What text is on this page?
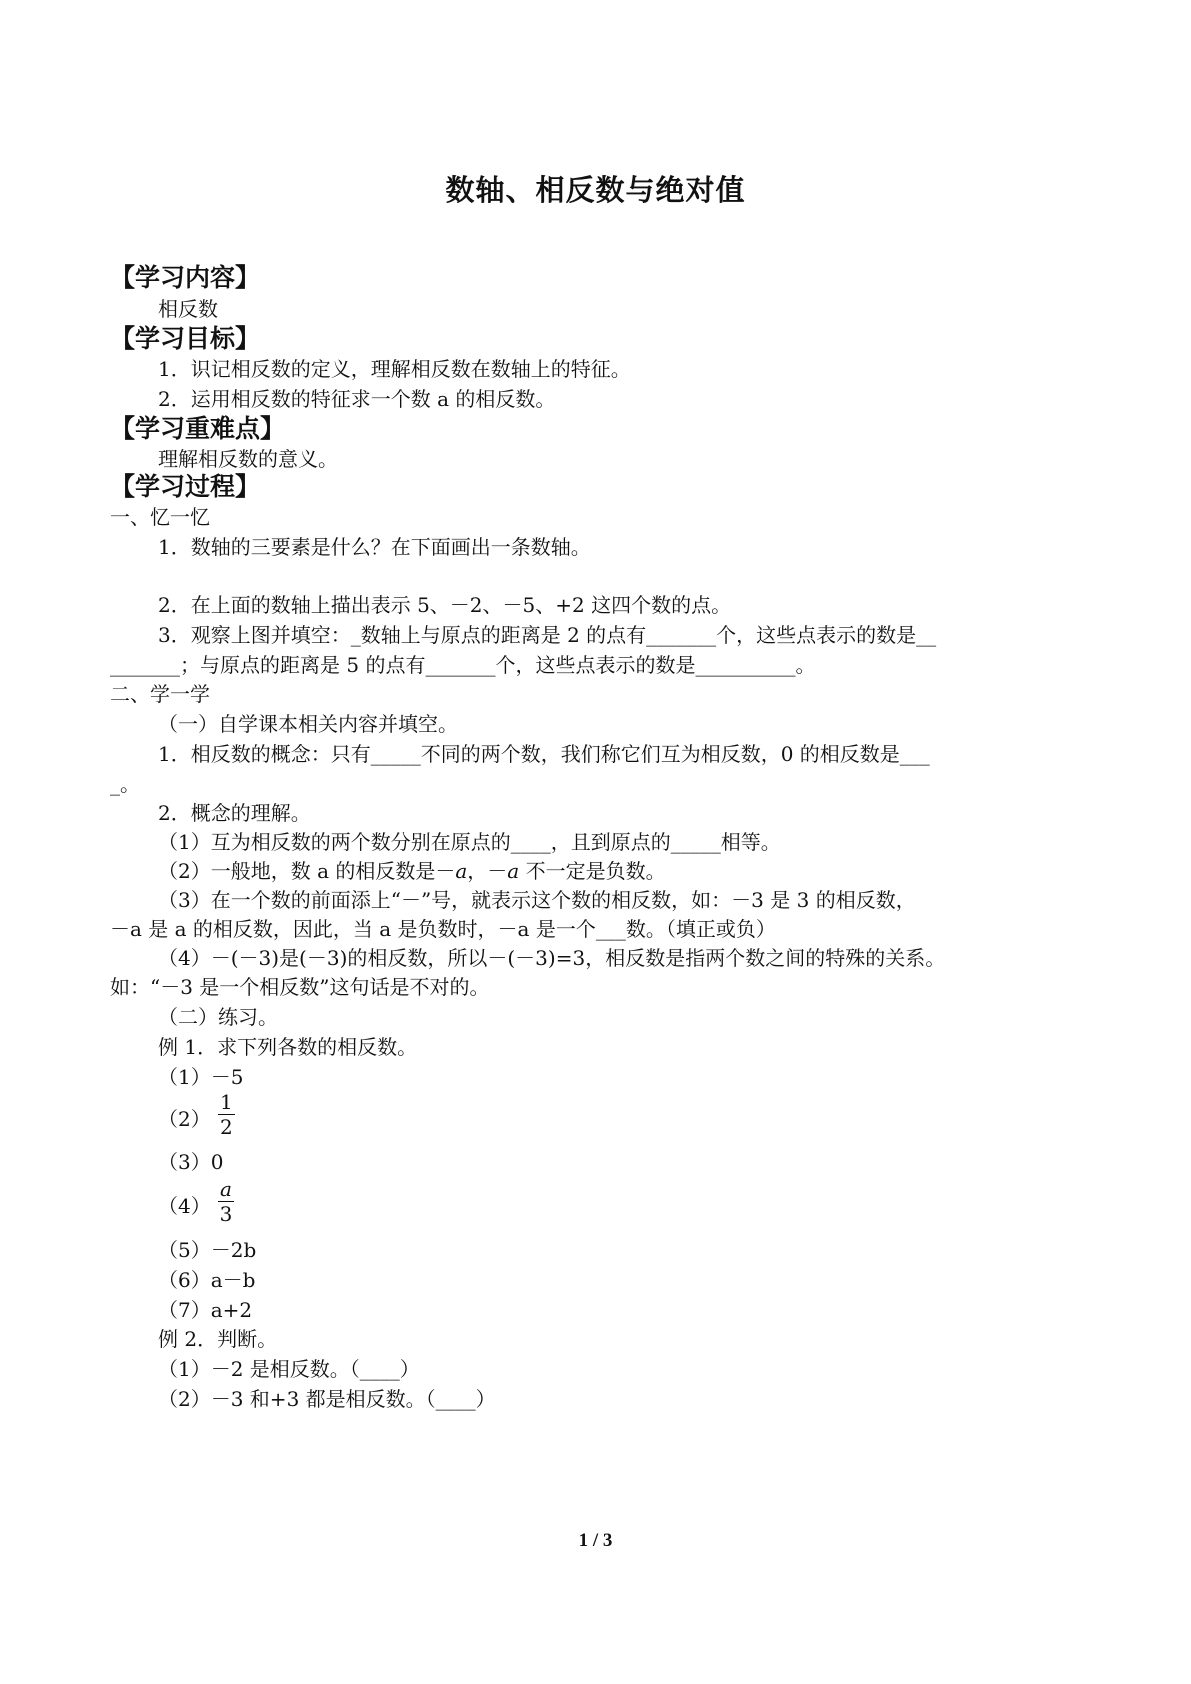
数轴、相反数与绝对值
【学习内容】
相反数
【学习目标】
1．识记相反数的定义，理解相反数在数轴上的特征。
2．运用相反数的特征求一个数 a 的相反数。
【学习重难点】
理解相反数的意义。
【学习过程】
一、忆一忆
1．数轴的三要素是什么？在下面画出一条数轴。
2．在上面的数轴上描出表示 5、－2、－5、+2 这四个数的点。
3．观察上图并填空：_数轴上与原点的距离是 2 的点有_______个，这些点表示的数是__
_______；与原点的距离是 5 的点有_______个，这些点表示的数是__________。
二、学一学
（一）自学课本相关内容并填空。
1．相反数的概念：只有_____不同的两个数，我们称它们互为相反数，0 的相反数是___
_。
2．概念的理解。
（1）互为相反数的两个数分别在原点的____，且到原点的_____相等。
（2）一般地，数 a 的相反数是－𝑎，－𝑎 不一定是负数。
（3）在一个数的前面添上“－”号，就表示这个数的相反数，如：－3 是 3 的相反数，
－a 是 a 的相反数，因此，当 a 是负数时，－a 是一个___数。（填正或负）
（4）－(－3)是(－3)的相反数，所以－(－3)=3，相反数是指两个数之间的特殊的关系。
如：“－3 是一个相反数”这句话是不对的。
（二）练习。
例 1．求下列各数的相反数。
（1）－5
$(2) \frac{1}{2}$
（3）0
$(4) \frac{a}{3}$
（5）－2b
（6）a－b
（7）a+2
例 2．判断。
（1）－2 是相反数。（____）
（2）－3 和+3 都是相反数。（____）
1 / 3
